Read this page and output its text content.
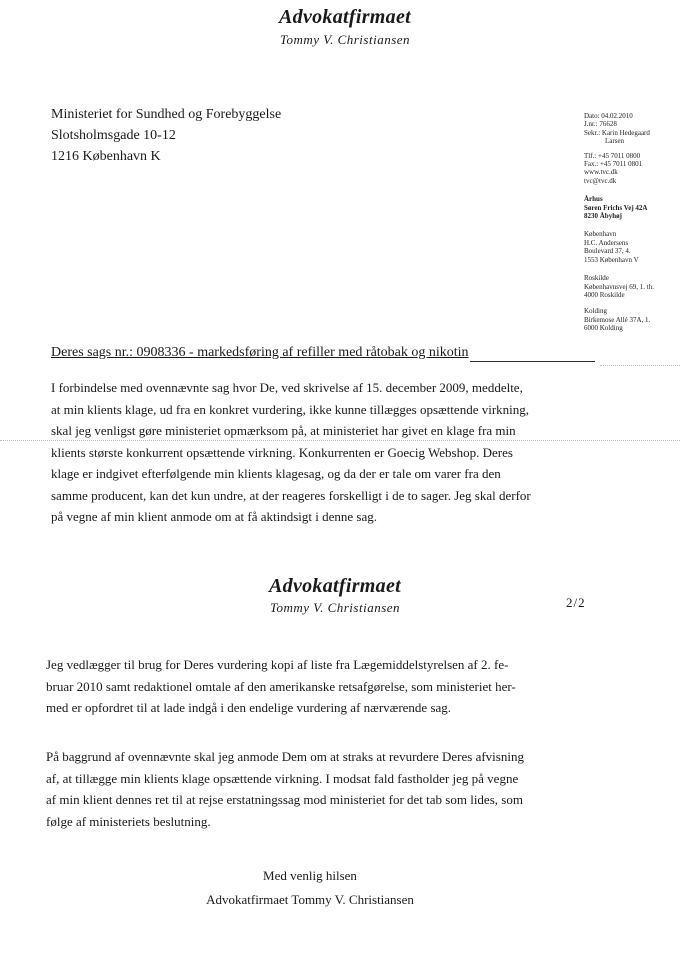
Advokatfirmaet
Tommy V. Christiansen
Ministeriet for Sundhed og Forebyggelse
Slotsholmsgade 10-12
1216 København K
Dato: 04.02.2010
J.nr.: 76628
Sekr.: Karin Hedegaard
Larsen
Tlf.: +45 7011 0800
Fax.: +45 7011 0801
www.tvc.dk
tvc@tvc.dk
Århus
Søren Frichs Vej 42A
8230 Åbyhøj
København
H.C. Andersens
Boulevard 37, 4.
1553 København V
Roskilde
Københavnsvej 69, 1. th.
4000 Roskilde
Kolding
Birkemose Allé 37A, 1.
6000 Kolding
Deres sags nr.: 0908336 - markedsføring af refiller med råtobak og nikotin
I forbindelse med ovennævnte sag hvor De, ved skrivelse af 15. december 2009, meddelte,
at min klients klage, ud fra en konkret vurdering, ikke kunne tillægges opsættende virkning,
skal jeg venligst gøre ministeriet opmærksom på, at ministeriet har givet en klage fra min
klients største konkurrent opsættende virkning. Konkurrenten er Goecig Webshop. Deres
klage er indgivet efterfølgende min klients klagesag, og da der er tale om varer fra den
samme producent, kan det kun undre, at der reageres forskelligt i de to sager. Jeg skal derfor
på vegne af min klient anmode om at få aktindsigt i denne sag.
Advokatfirmaet
Tommy V. Christiansen	2/2
Jeg vedlægger til brug for Deres vurdering kopi af liste fra Lægemiddelstyrelsen af 2. fe-
bruar 2010 samt redaktionel omtale af den amerikanske retsafgørelse, som ministeriet her-
med er opfordret til at lade indgå i den endelige vurdering af nærværende sag.
På baggrund af ovennævnte skal jeg anmode Dem om at straks at revurdere Deres afvisning
af, at tillægge min klients klage opsættende virkning. I modsat fald fastholder jeg på vegne
af min klient dennes ret til at rejse erstatningssag mod ministeriet for det tab som lides, som
følge af ministeriets beslutning.
Med venlig hilsen
Advokatfirmaet Tommy V. Christiansen
